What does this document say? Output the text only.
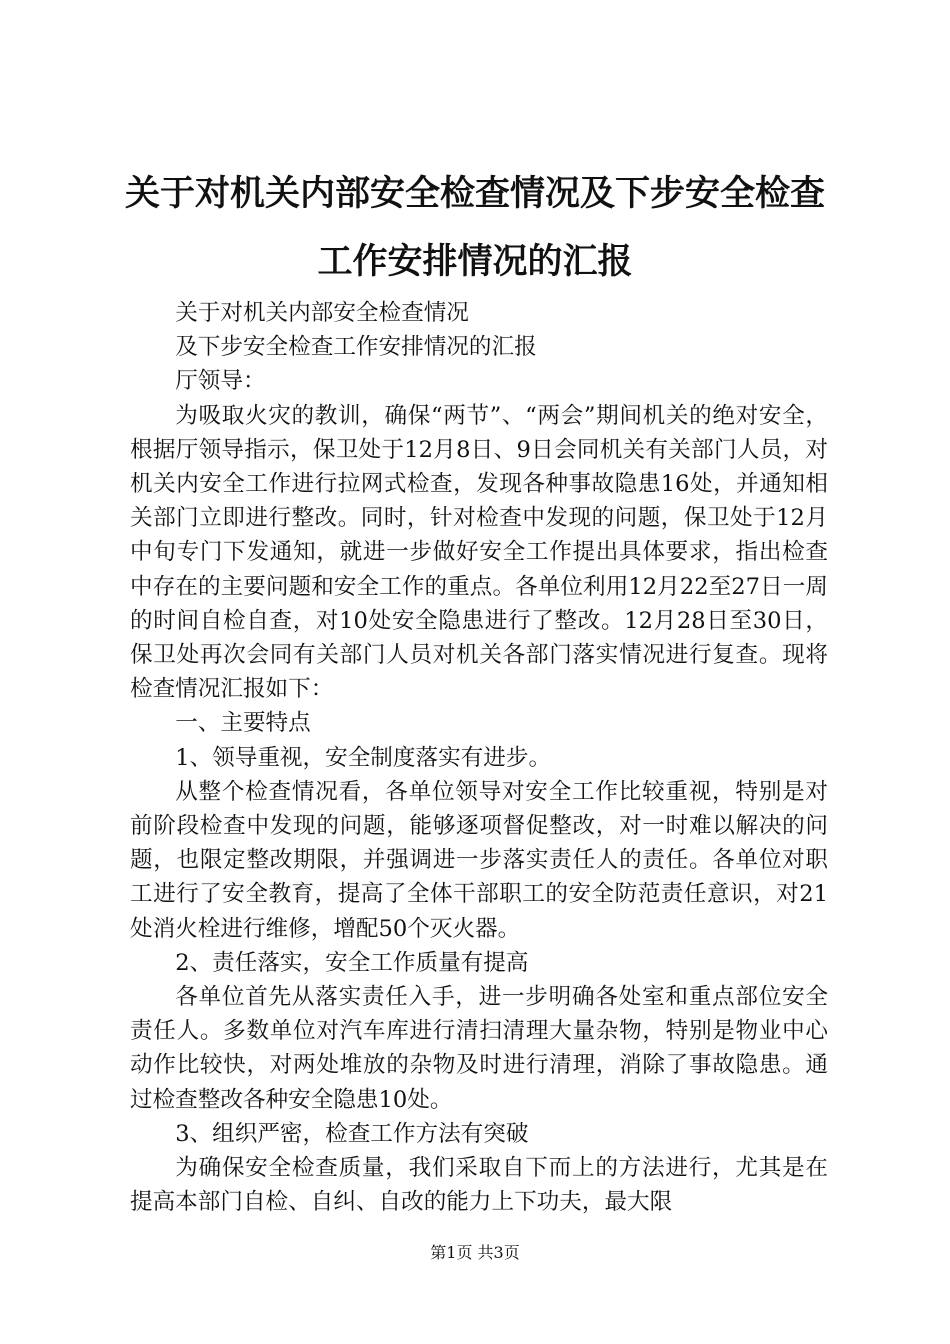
关于对机关内部安全检查情况及下步安全检查
工作安排情况的汇报

关于对机关内部安全检查情况

及下步安全检查工作安排情况的汇报

厅领导：

为吸取火灾的教训，确保“两节”、“两会”期间机关的绝对安全，根据厅领导指示，保卫处于12月8日、9日会同机关有关部门人员，对机关内安全工作进行拉网式检查，发现各种事故隐患16处，并通知相关部门立即进行整改。同时，针对检查中发现的问题，保卫处于12月中旬专门下发通知，就进一步做好安全工作提出具体要求，指出检查中存在的主要问题和安全工作的重点。各单位利用12月22至27日一周的时间自检自查，对10处安全隐患进行了整改。12月28日至30日，保卫处再次会同有关部门人员对机关各部门落实情况进行复查。现将检查情况汇报如下：

一、主要特点

1、领导重视，安全制度落实有进步。

从整个检查情况看，各单位领导对安全工作比较重视，特别是对前阶段检查中发现的问题，能够逐项督促整改，对一时难以解决的问题，也限定整改期限，并强调进一步落实责任人的责任。各单位对职工进行了安全教育，提高了全体干部职工的安全防范责任意识，对21处消火栓进行维修，增配50个灭火器。

2、责任落实，安全工作质量有提高

各单位首先从落实责任入手，进一步明确各处室和重点部位安全责任人。多数单位对汽车库进行清扫清理大量杂物，特别是物业中心动作比较快，对两处堆放的杂物及时进行清理，消除了事故隐患。通过检查整改各种安全隐患10处。

3、组织严密，检查工作方法有突破

为确保安全检查质量，我们采取自下而上的方法进行，尤其是在提高本部门自检、自纠、自改的能力上下功夫，最大限

第1页 共3页
